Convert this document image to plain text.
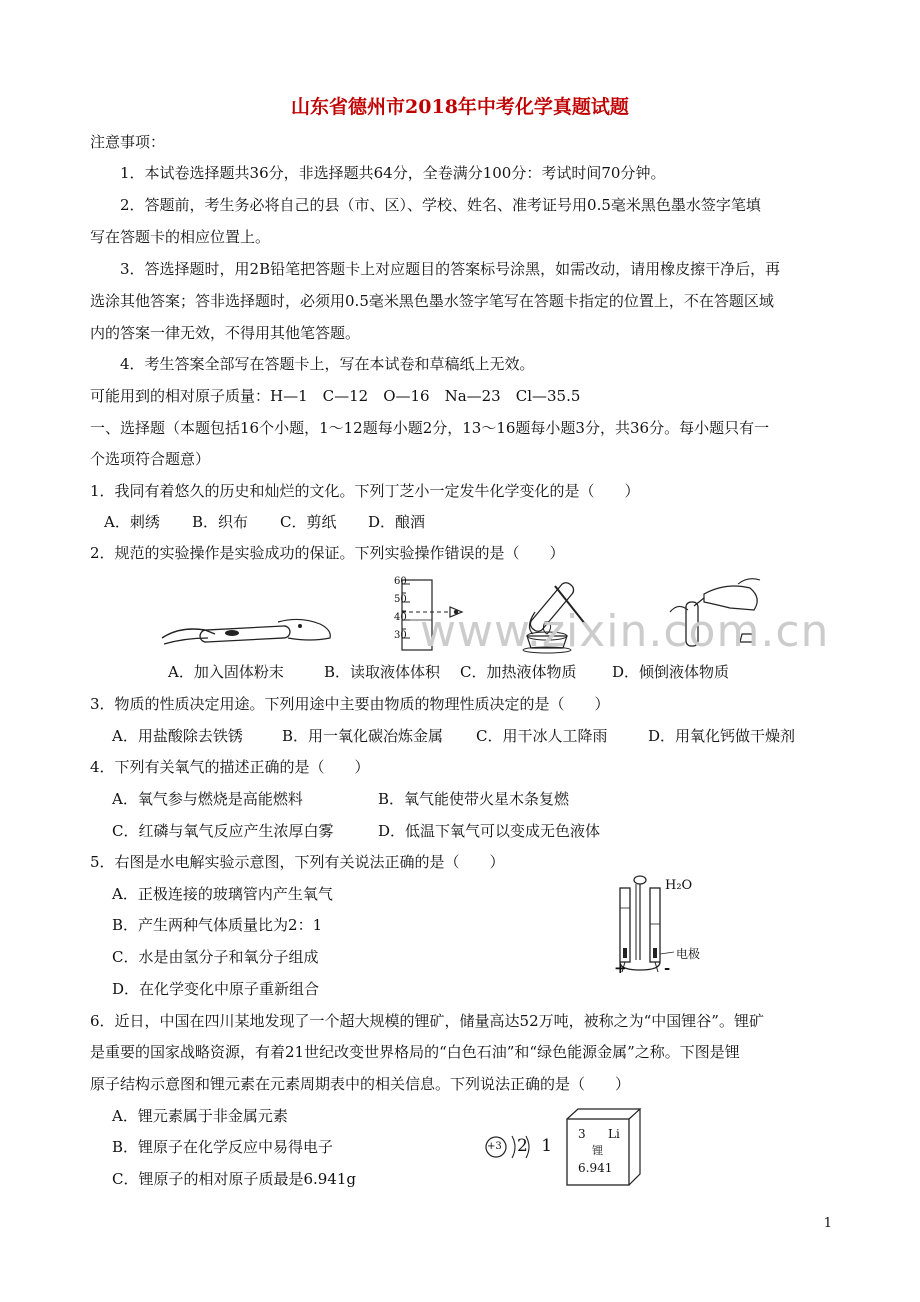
山东省德州市2018年中考化学真题试题
注意事项：
1．本试卷选择题共36分，非选择题共64分，全卷满分100分：考试时间70分钟。
2．答题前，考生务必将自己的县（市、区）、学校、姓名、准考证号用0.5毫米黑色墨水签字笔填
写在答题卡的相应位置上。
3．答选择题时，用2B铅笔把答题卡上对应题目的答案标号涂黑，如需改动，请用橡皮擦干净后，再
选涂其他答案；答非选择题时，必须用0.5毫米黑色墨水签字笔写在答题卡指定的位置上，不在答题区域
内的答案一律无效，不得用其他笔答题。
4．考生答案全部写在答题卡上，写在本试卷和草稿纸上无效。
可能用到的相对原子质量：H—1　C—12　O—16　Na—23　Cl—35.5
一、选择题（本题包括16个小题，1～12题每小题2分，13～16题每小题3分，共36分。每小题只有一
个选项符合题意）
1．我同有着悠久的历史和灿烂的文化。下列丁芝小一定发牛化学变化的是（　　）
A．刺绣 B．织布 C．剪纸 D．酿酒
2．规范的实验操作是实验成功的保证。下列实验操作错误的是（　　）
60
50
40
30
A．加入固体粉末	B．读取液体体积 C．加热液体物质 D．倾倒液体物质
3．物质的性质决定用途。下列用途中主要由物质的物理性质决定的是（　　）
A．用盐酸除去铁锈	B．用一氧化碳冶炼金属 C．用干冰人工降雨	D．用氧化钙做干燥剂
4．下列有关氧气的描述正确的是（　　）
A．氧气参与燃烧是高能燃料	B．氧气能使带火星木条复燃
C．红磷与氧气反应产生浓厚白雾	D．低温下氧气可以变成无色液体
5．右图是水电解实验示意图，下列有关说法正确的是（　　）
A．正极连接的玻璃管内产生氧气
B．产生两种气体质量比为2：1
C．水是由氢分子和氧分子组成
D．在化学变化中原子重新组合
H₂O
电极
+ -
6．近日，中国在四川某地发现了一个超大规模的锂矿，储量高达52万吨，被称之为“中国锂谷”。锂矿
是重要的国家战略资源，有着21世纪改变世界格局的“白色石油”和“绿色能源金属”之称。下图是锂
原子结构示意图和锂元素在元素周期表中的相关信息。下列说法正确的是（　　）
A．锂元素属于非金属元素
B．锂原子在化学反应中易得电子
C．锂原子的相对原子质最是6.941g
+3 2 1
3 Li
锂
6.941
www.zixin.com.cn
1
